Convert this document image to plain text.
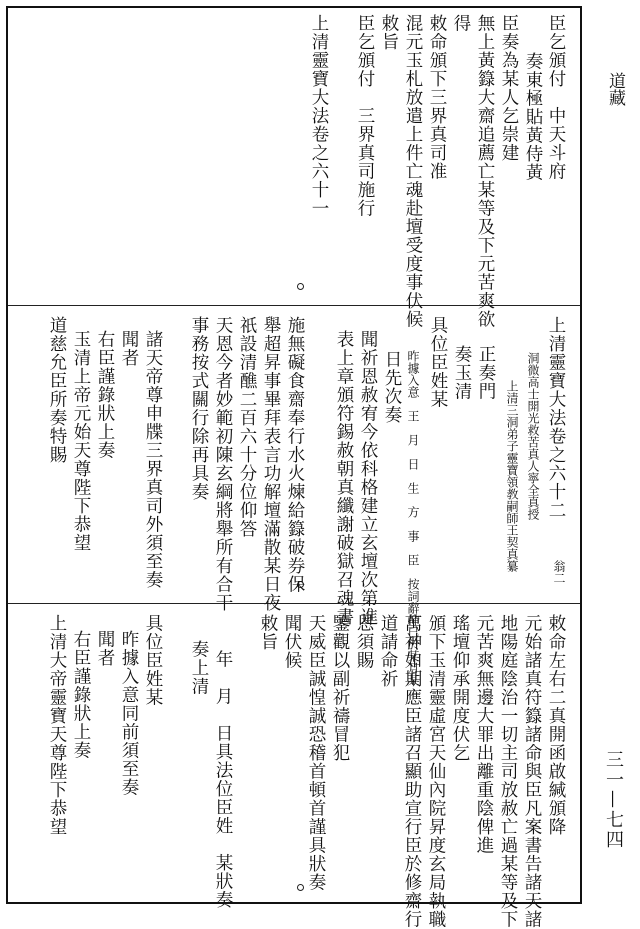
道藏
三一—七四
臣乞頒付　中天斗府
奏東極貼黃侍黃
臣奏為某人乞崇建
無上黃籙大齋追薦亡某等及下元苦爽欲
得
敕命頒下三界真司准
混元玉札放遣上件亡魂赴壇受度事伏候
敕旨
臣乞頒付　三界真司施行
上清靈寶大法卷之六十一
上清靈寶大法卷之六十二
翁二
洞微高士開光救苦真人寧全真授
上清三洞弟子靈寶領教嗣師王契真纂
正奏門
奏玉清
具位臣姓某
昨據入意　王　月　日　生　方　事　臣　按詞辭抑已於某月某
日先次奏
聞祈恩赦宥今依科格建立玄壇次第進
表上章頒符錫赦朝真纖謝破獄召魂書
施無礙食齋奉行水火煉給籙破券保
舉超昇事畢拜表言功解壇滿散某日夜
祇設清醮二百六十分位仰答
天恩今者妙範初陳玄綱將舉所有合干
事務按式關行除再具奏
諸天帝尊申牒三界真司外須至奏
聞者
右臣謹錄狀上奏
玉清上帝元始天尊陛下恭望
道慈允臣所奏特賜
敕命左右二真開函啟緘頒降
元始諸真符籙諸命與臣凡案書告諸天諸
地陽庭陰治一切主司放赦亡過某等及下
元苦爽無邊大罪出離重陰俾進
瑤壇仰承開度伏乞
頒下玉清靈虛宮天仙內院昇度玄局執職
萬神如期應臣諸召顯助宣行臣於修齋行
道請命祈
恩須賜
鑒觀以副祈禱冒犯
天威臣誠惶誠恐稽首頓首謹具狀奏
聞伏候
敕旨
年　月　日具法位臣姓　某狀奏
奏上清
具位臣姓某
昨據入意同前須至奏
聞者
右臣謹錄狀上奏
上清大帝靈寶天尊陛下恭望
